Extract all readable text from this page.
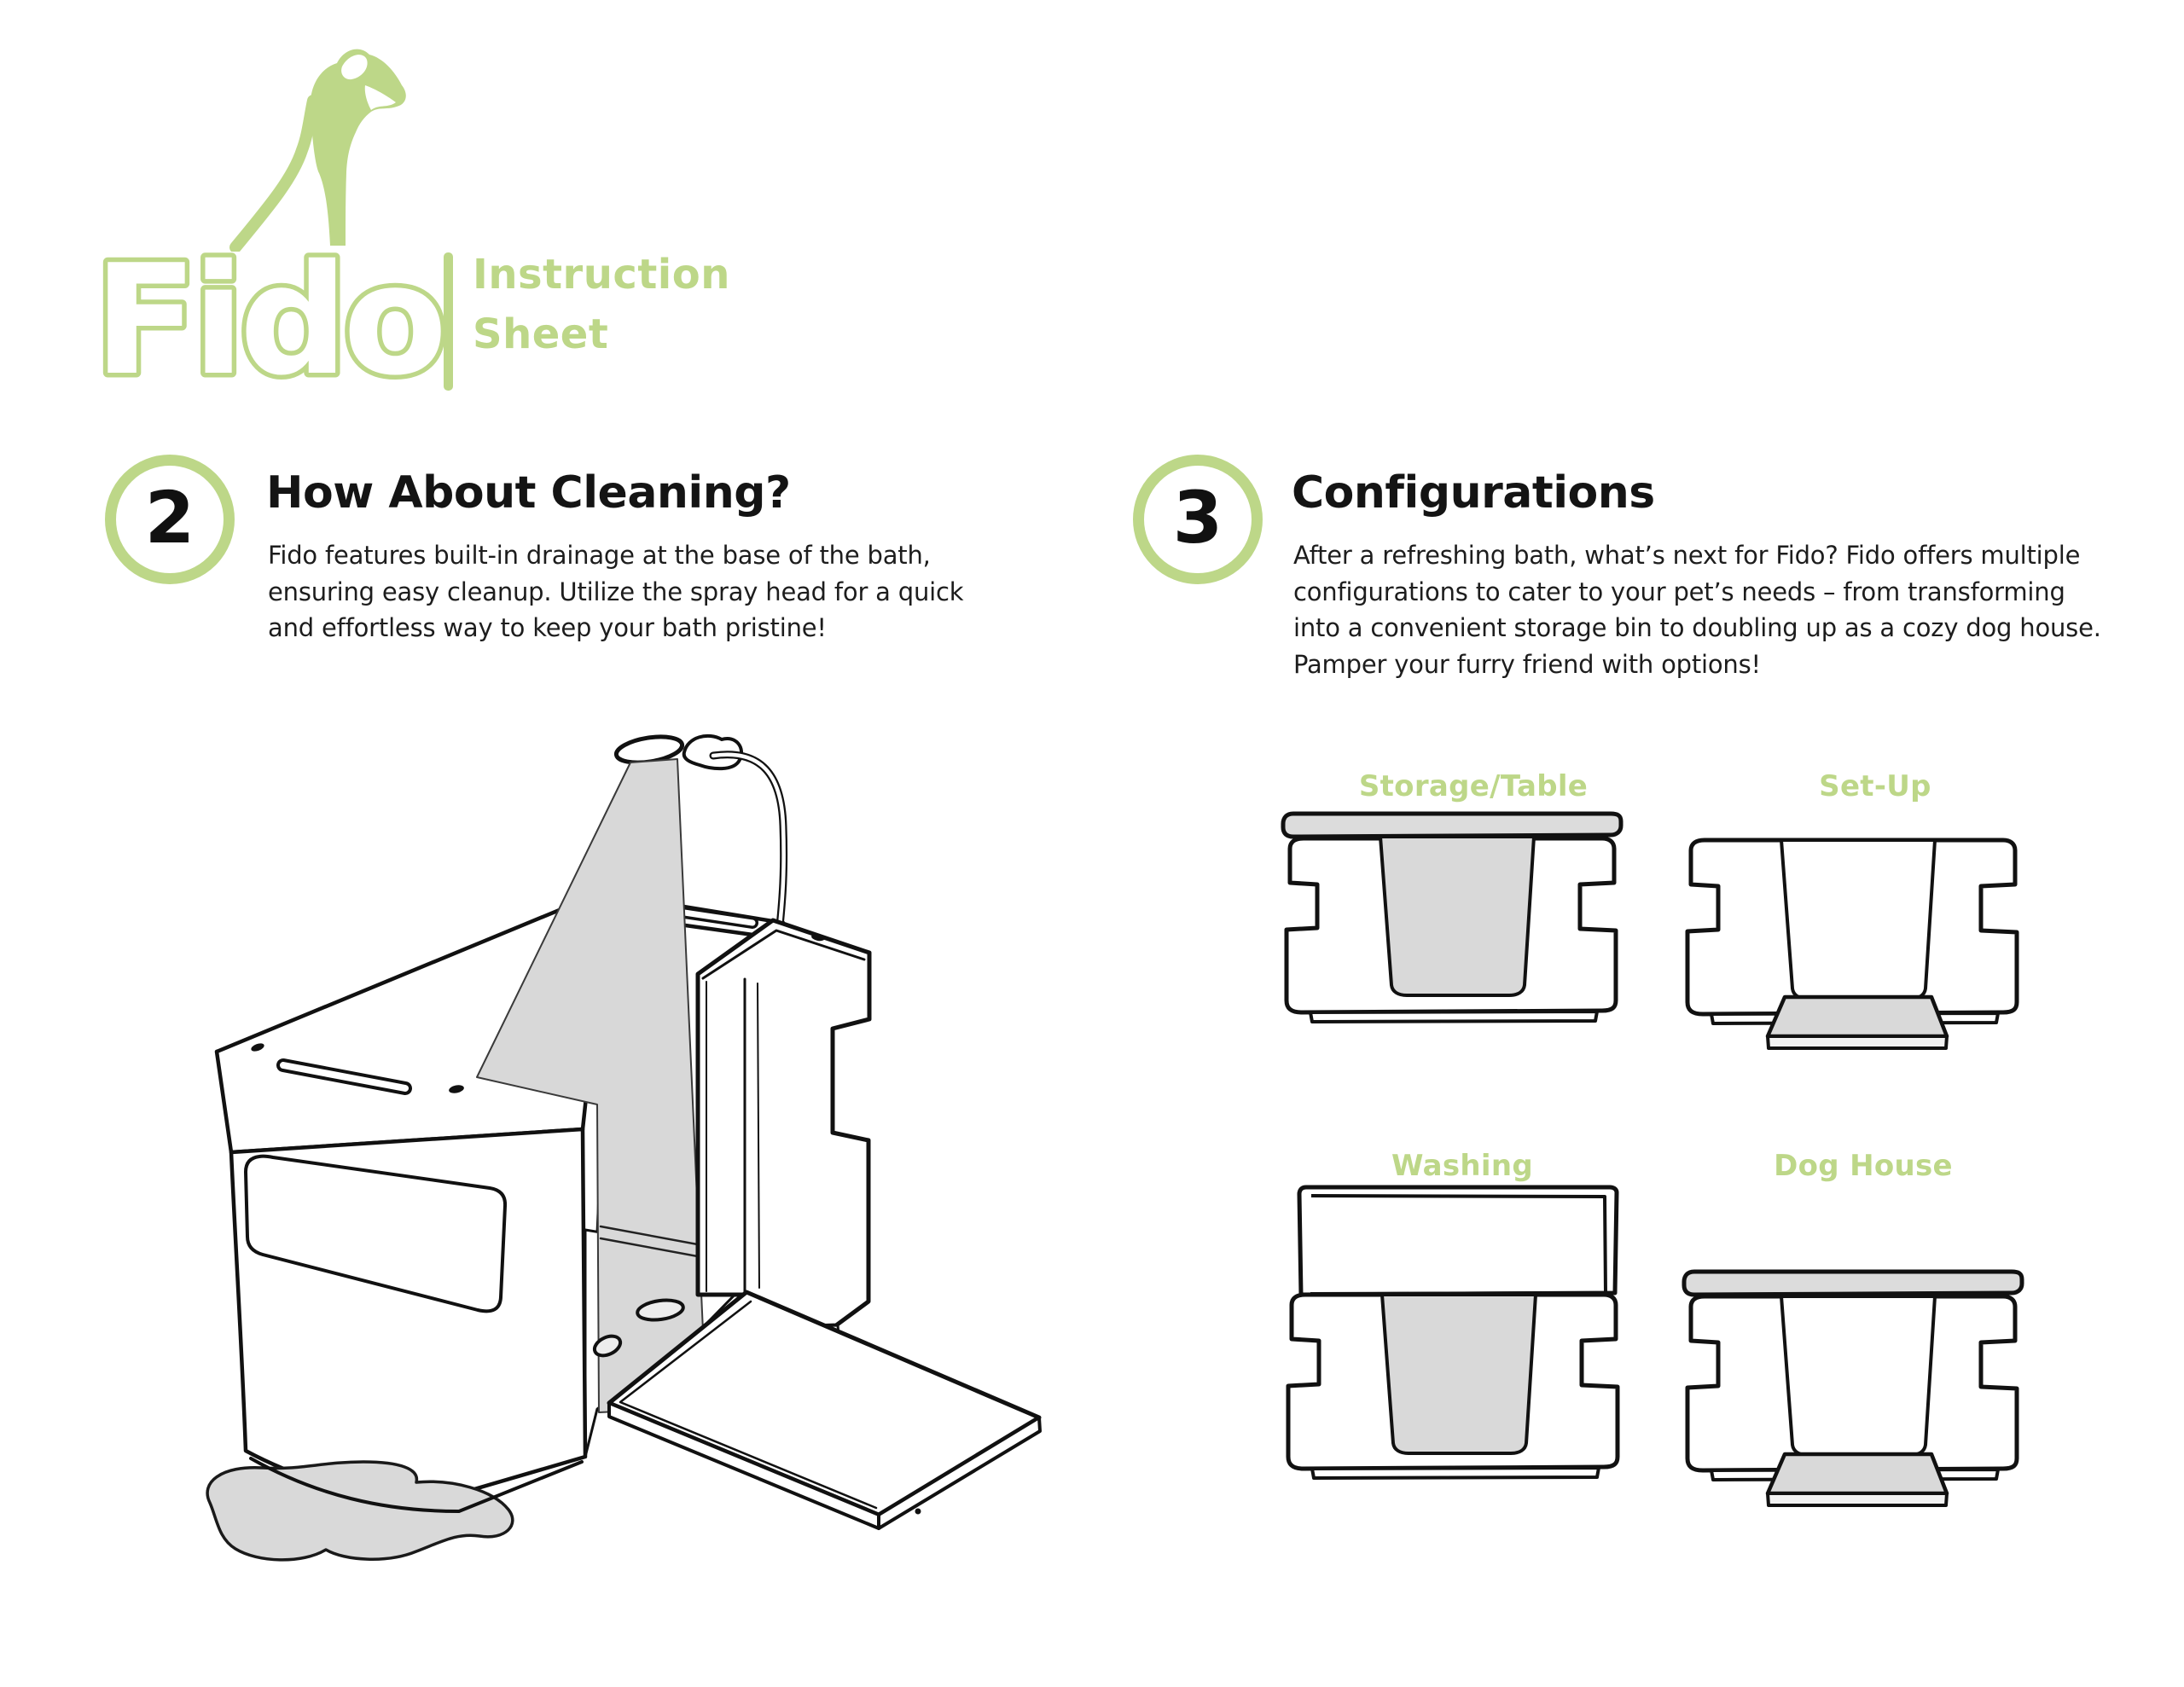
Fido Instruction
Sheet
2 How About Cleaning?
Fido features built-in drainage at the base of the bath, ensuring easy cleanup. Utilize the spray head for a quick and effortless way to keep your bath pristine!
3 Configurations
After a refreshing bath, what’s next for Fido? Fido offers multiple configurations to cater to your pet’s needs – from transforming into a convenient storage bin to doubling up as a cozy dog house. Pamper your furry friend with options!
Storage/Table	Set-Up
Washing	Dog House
